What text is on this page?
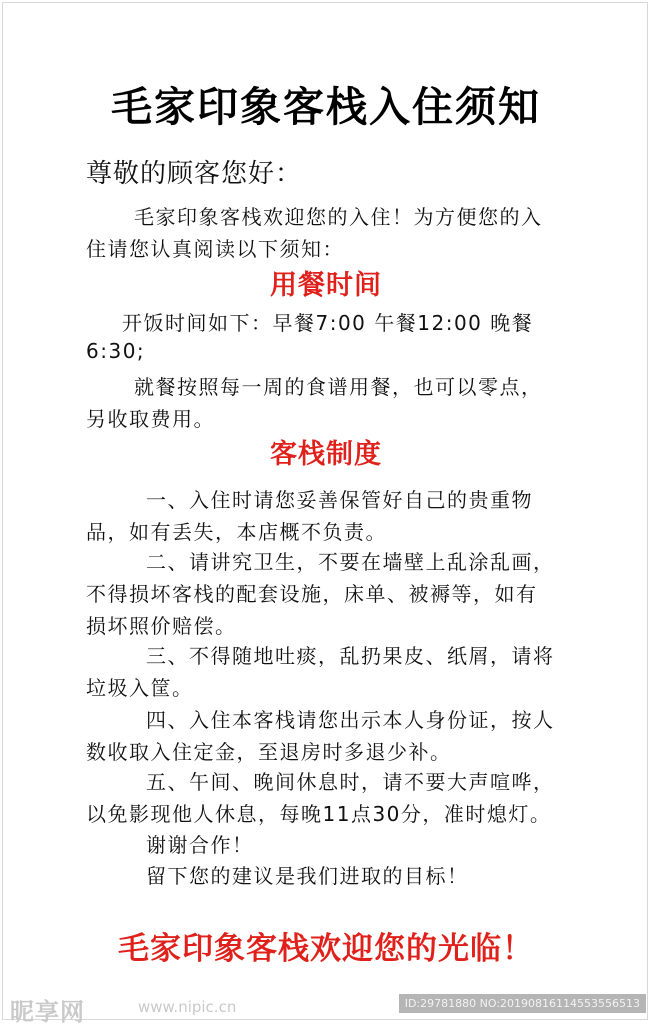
毛家印象客栈入住须知
尊敬的顾客您好：
毛家印象客栈欢迎您的入住！为方便您的入
住请您认真阅读以下须知：
用餐时间
开饭时间如下：早餐7:00 午餐12:00 晚餐
6:30;
就餐按照每一周的食谱用餐，也可以零点，
另收取费用。
客栈制度
一、入住时请您妥善保管好自己的贵重物
品，如有丢失，本店概不负责。
二、请讲究卫生，不要在墙壁上乱涂乱画，
不得损坏客栈的配套设施，床单、被褥等，如有
损坏照价赔偿。
三、不得随地吐痰，乱扔果皮、纸屑，请将
垃圾入筐。
四、入住本客栈请您出示本人身份证，按人
数收取入住定金，至退房时多退少补。
五、午间、晚间休息时，请不要大声喧哗，
以免影现他人休息，每晚11点30分，准时熄灯。
谢谢合作！
留下您的建议是我们进取的目标！
毛家印象客栈欢迎您的光临！
昵享网	www.nipic.cn	ID:29781880 NO:20190816114553556513
